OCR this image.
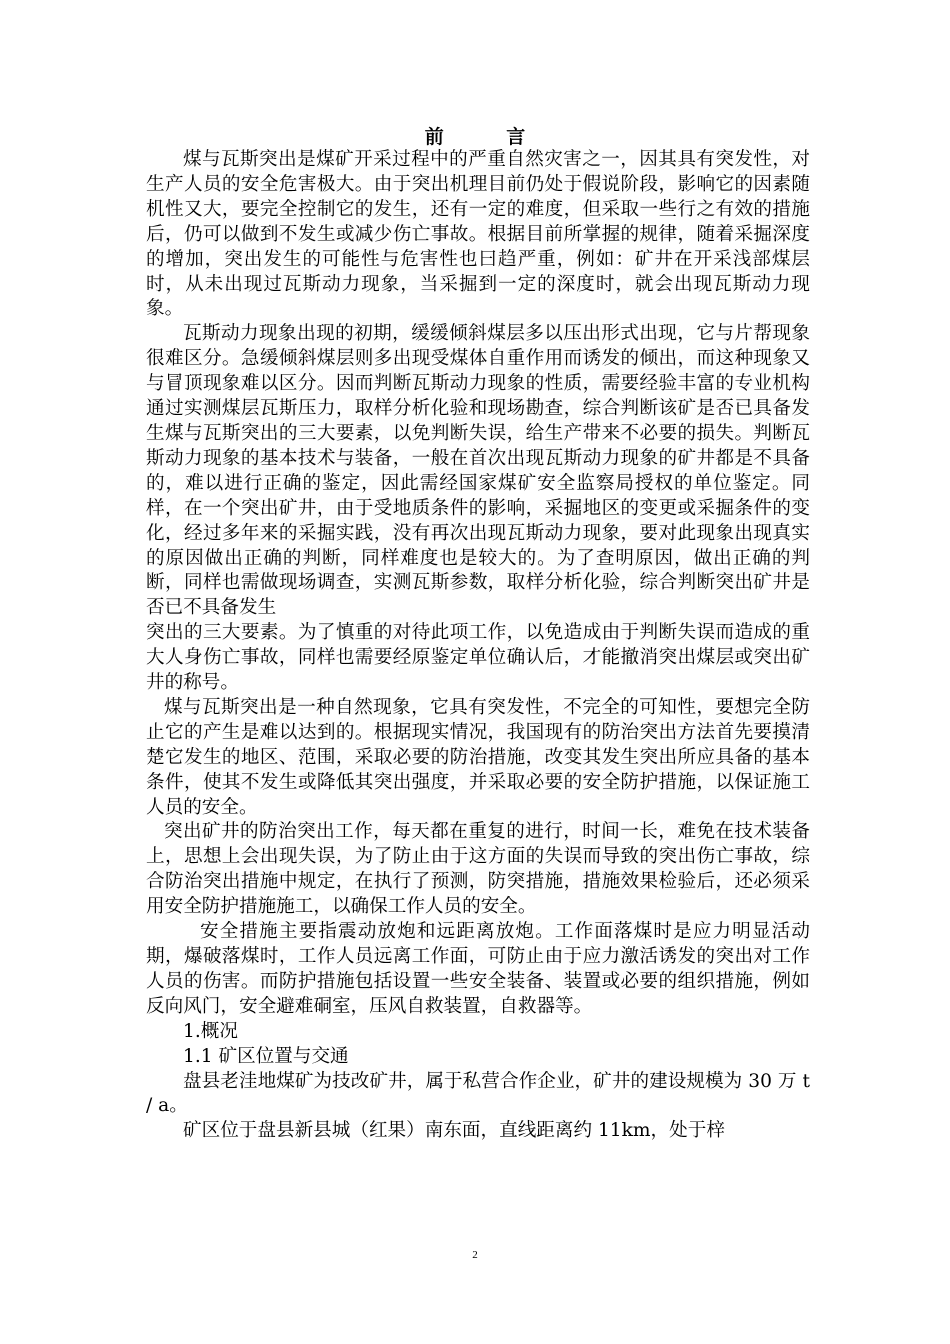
前 言

煤与瓦斯突出是煤矿开采过程中的严重自然灾害之一，因其具有突发性，对生产人员的安全危害极大。由于突出机理目前仍处于假说阶段，影响它的因素随机性又大，要完全控制它的发生，还有一定的难度，但采取一些行之有效的措施后，仍可以做到不发生或减少伤亡事故。根据目前所掌握的规律，随着采掘深度的增加，突出发生的可能性与危害性也曰趋严重，例如：矿井在开采浅部煤层时，从未出现过瓦斯动力现象，当采掘到一定的深度时，就会出现瓦斯动力现象。

瓦斯动力现象出现的初期，缓缓倾斜煤层多以压出形式出现，它与片帮现象很难区分。急缓倾斜煤层则多出现受煤体自重作用而诱发的倾出，而这种现象又与冒顶现象难以区分。因而判断瓦斯动力现象的性质，需要经验丰富的专业机构通过实测煤层瓦斯压力，取样分析化验和现场勘查，综合判断该矿是否已具备发生煤与瓦斯突出的三大要素，以免判断失误，给生产带来不必要的损失。判断瓦斯动力现象的基本技术与装备，一般在首次出现瓦斯动力现象的矿井都是不具备的，难以进行正确的鉴定，因此需经国家煤矿安全监察局授权的单位鉴定。同样，在一个突出矿井，由于受地质条件的影响，采掘地区的变更或采掘条件的变化，经过多年来的采掘实践，没有再次出现瓦斯动力现象，要对此现象出现真实的原因做出正确的判断，同样难度也是较大的。为了查明原因，做出正确的判断，同样也需做现场调查，实测瓦斯参数，取样分析化验，综合判断突出矿井是否已不具备发生

突出的三大要素。为了慎重的对待此项工作，以免造成由于判断失误而造成的重大人身伤亡事故，同样也需要经原鉴定单位确认后，才能撤消突出煤层或突出矿井的称号。

煤与瓦斯突出是一种自然现象，它具有突发性，不完全的可知性，要想完全防止它的产生是难以达到的。根据现实情况，我国现有的防治突出方法首先要摸清楚它发生的地区、范围，采取必要的防治措施，改变其发生突出所应具备的基本条件，使其不发生或降低其突出强度，并采取必要的安全防护措施，以保证施工人员的安全。

突出矿井的防治突出工作，每天都在重复的进行，时间一长，难免在技术装备上，思想上会出现失误，为了防止由于这方面的失误而导致的突出伤亡事故，综合防治突出措施中规定，在执行了预测，防突措施，措施效果检验后，还必须采用安全防护措施施工，以确保工作人员的安全。

安全措施主要指震动放炮和远距离放炮。工作面落煤时是应力明显活动期，爆破落煤时，工作人员远离工作面，可防止由于应力激活诱发的突出对工作人员的伤害。而防护措施包括设置一些安全装备、装置或必要的组织措施，例如反向风门，安全避难硐室，压风自救装置，自救器等。

1.概况

1.1 矿区位置与交通

盘县老洼地煤矿为技改矿井，属于私营合作企业，矿井的建设规模为 30 万 t / a。

矿区位于盘县新县城（红果）南东面，直线距离约 11km，处于梓

2
